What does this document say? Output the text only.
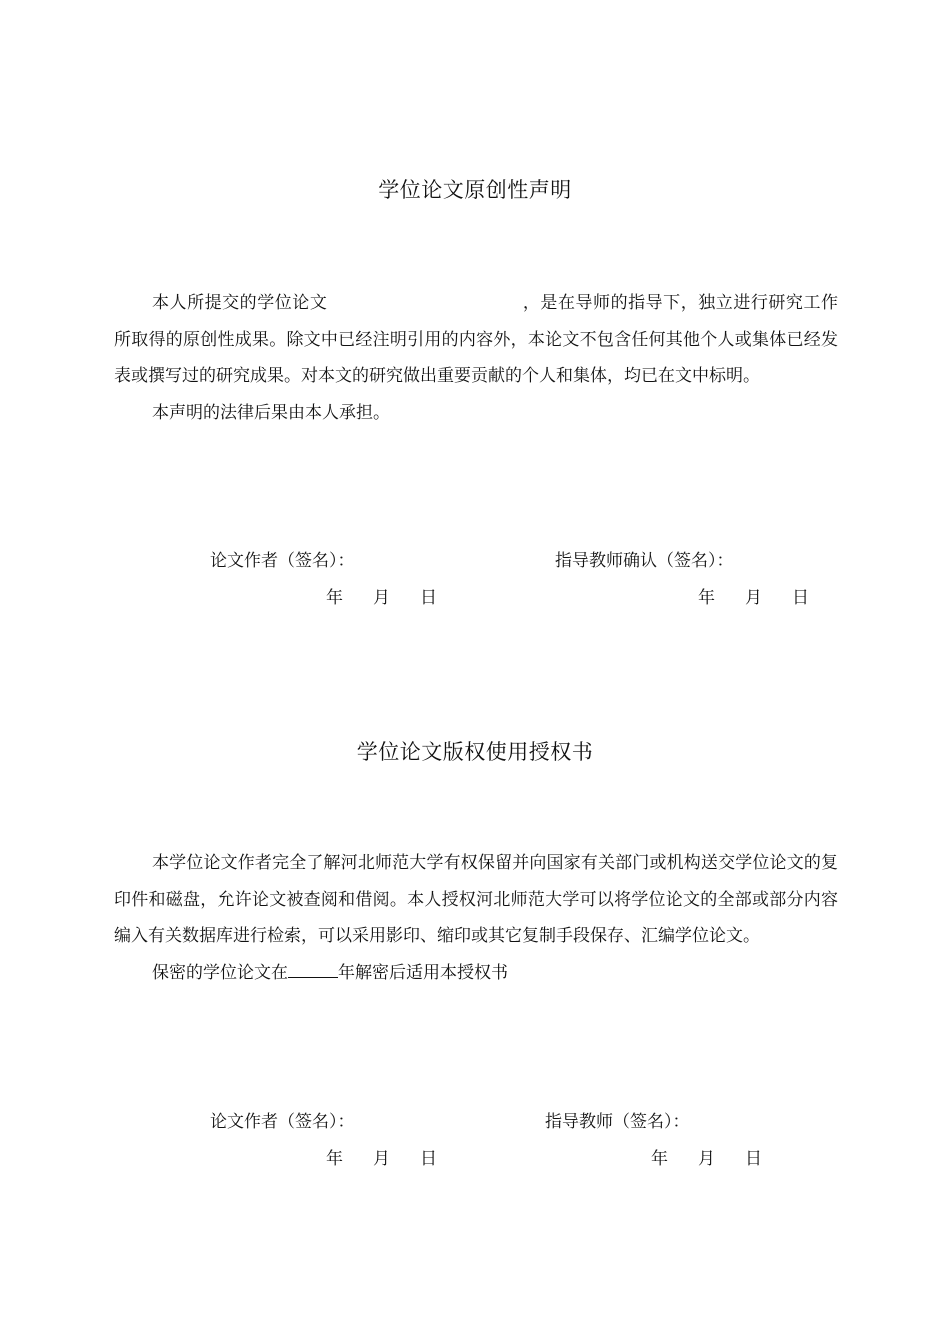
学位论文原创性声明
本人所提交的学位论文	，是在导师的指导下，独立进行研究工作所取得的原创性成果。除文中已经注明引用的内容外，本论文不包含任何其他个人或集体已经发表或撰写过的研究成果。对本文的研究做出重要贡献的个人和集体，均已在文中标明。
本声明的法律后果由本人承担。
论文作者（签名）：	指导教师确认（签名）：
年 月 日	年 月 日
学位论文版权使用授权书
本学位论文作者完全了解河北师范大学有权保留并向国家有关部门或机构送交学位论文的复印件和磁盘，允许论文被查阅和借阅。本人授权河北师范大学可以将学位论文的全部或部分内容编入有关数据库进行检索，可以采用影印、缩印或其它复制手段保存、汇编学位论文。
保密的学位论文在	年解密后适用本授权书
论文作者（签名）：	指导教师（签名）：
年 月 日	年 月 日
